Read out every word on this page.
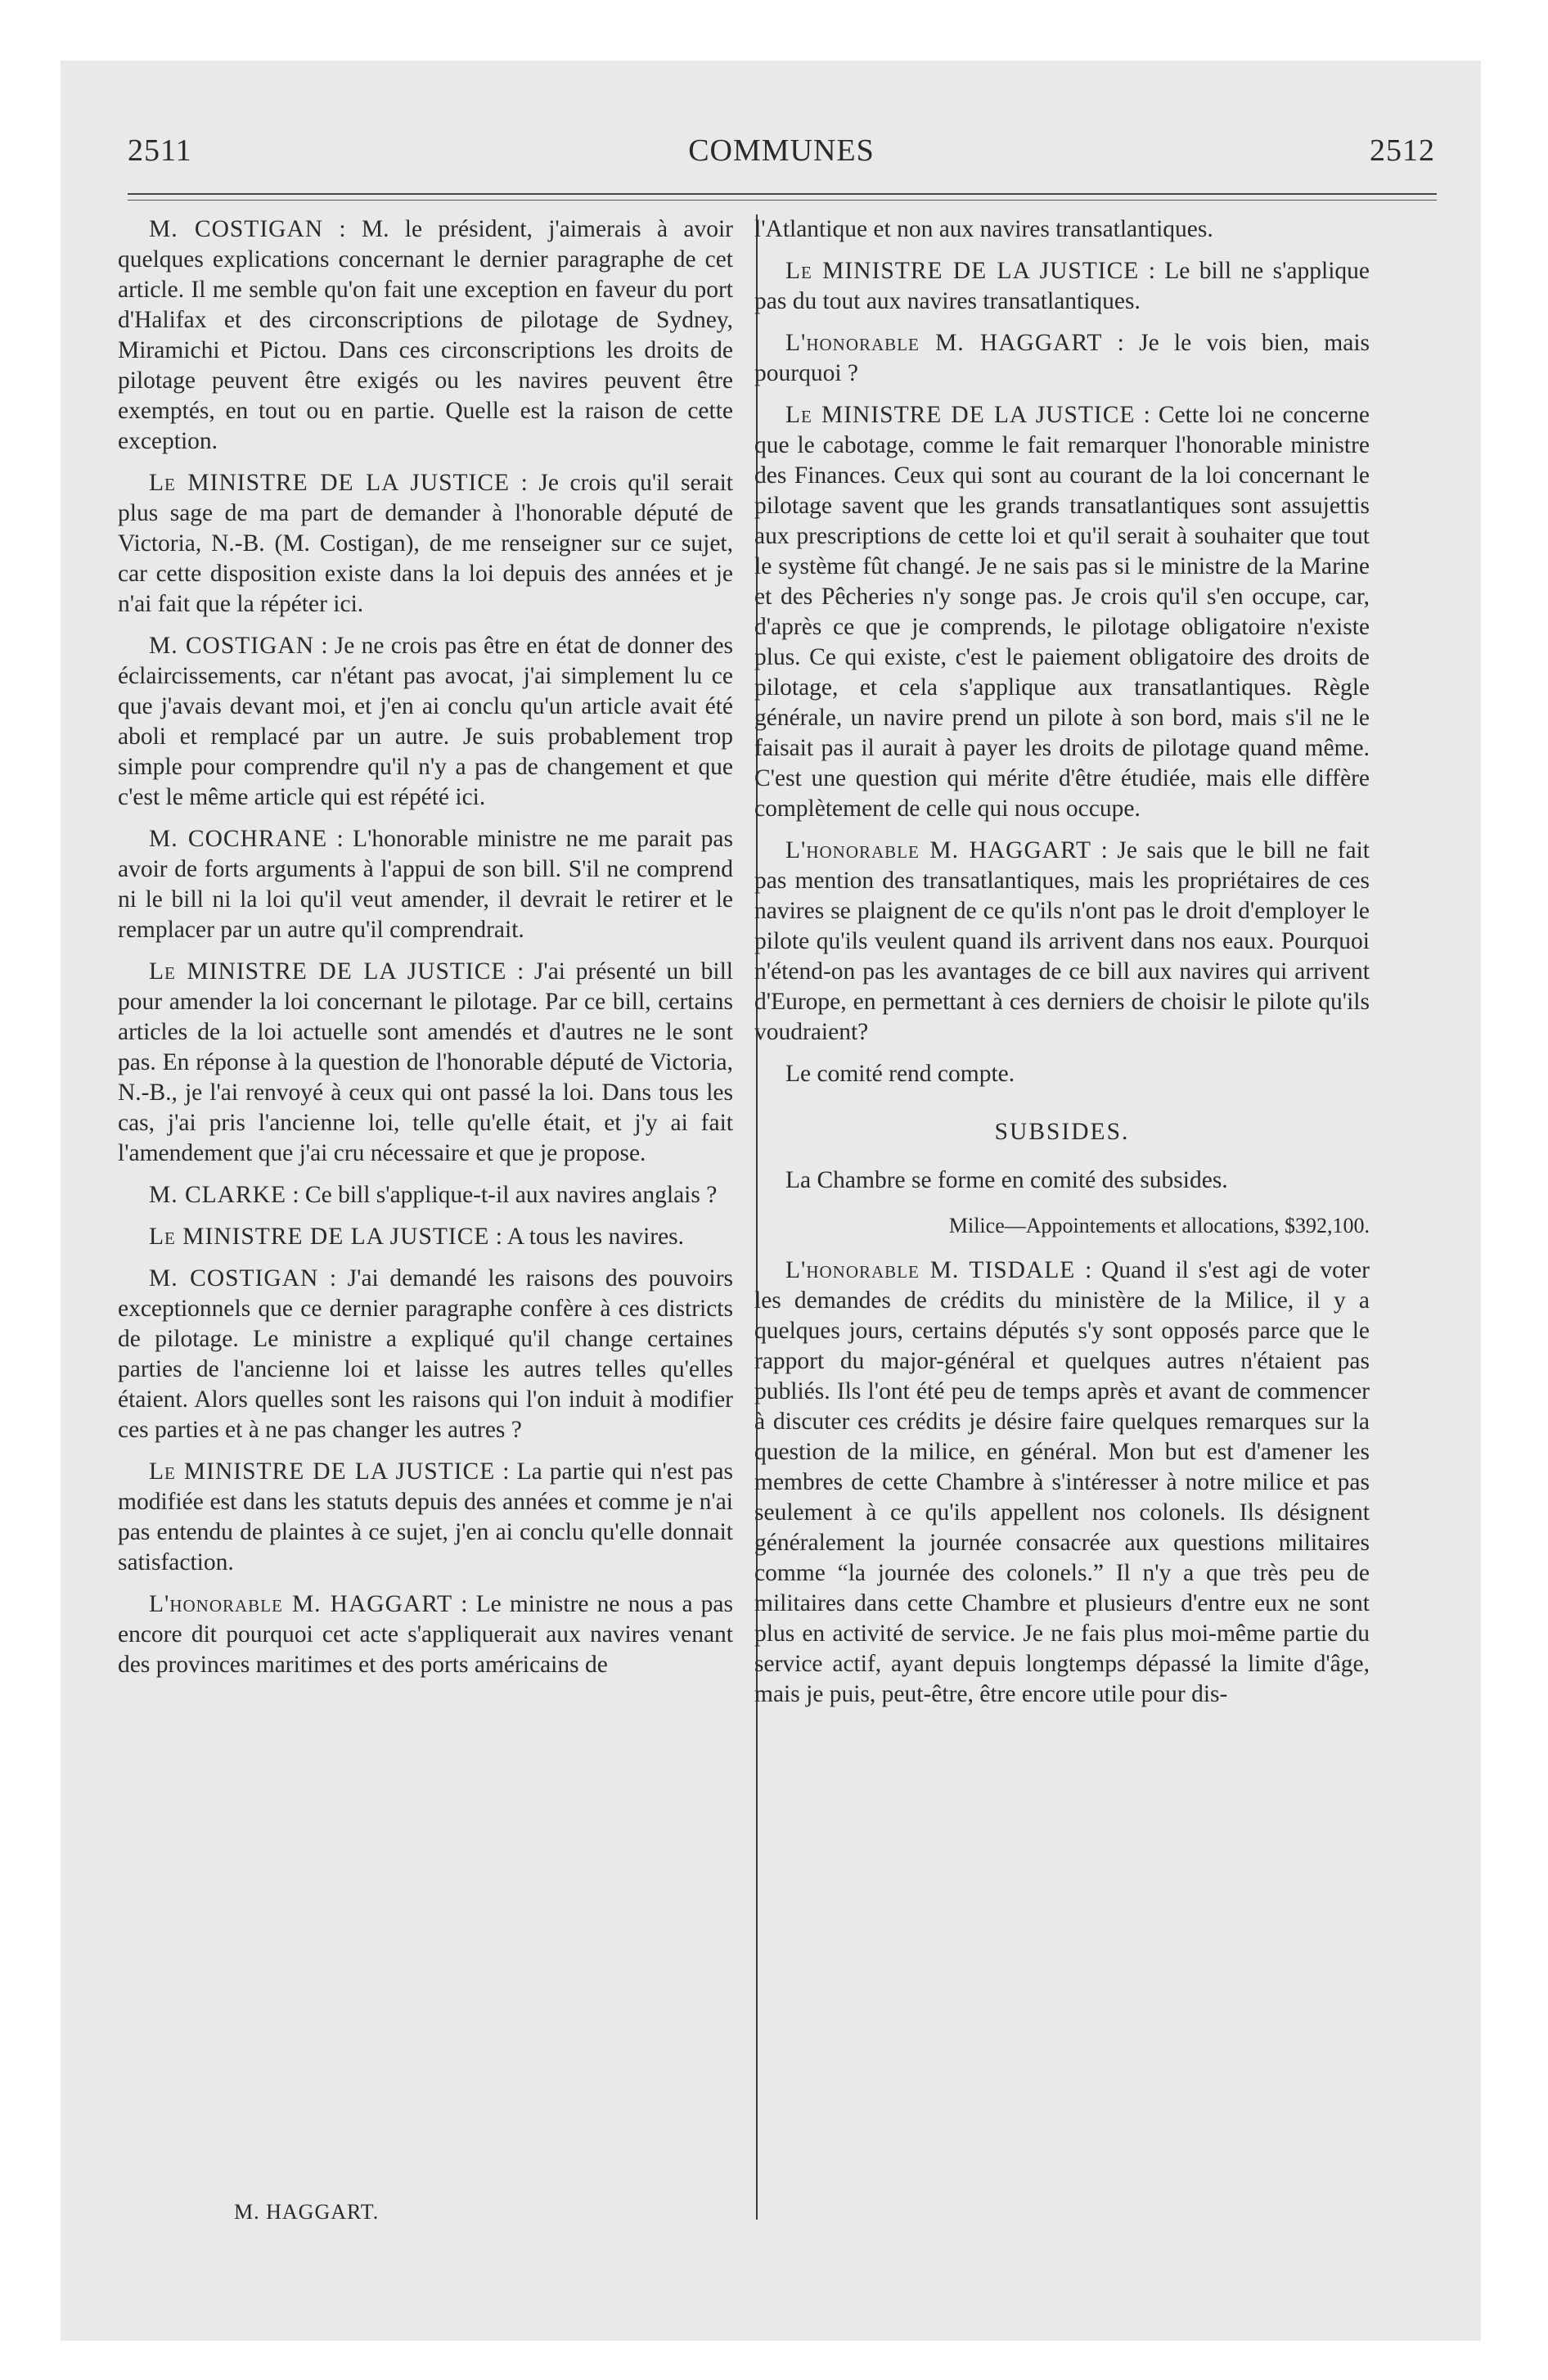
2511	COMMUNES	2512

M. COSTIGAN : M. le président, j'aimerais à avoir quelques explications concernant le dernier paragraphe de cet article. Il me semble qu'on fait une exception en faveur du port d'Halifax et des circonscriptions de pilotage de Sydney, Miramichi et Pictou. Dans ces circonscriptions les droits de pilotage peuvent être exigés ou les navires peuvent être exemptés, en tout ou en partie. Quelle est la raison de cette exception.

Le MINISTRE DE LA JUSTICE : Je crois qu'il serait plus sage de ma part de demander à l'honorable député de Victoria, N.-B. (M. Costigan), de me renseigner sur ce sujet, car cette disposition existe dans la loi depuis des années et je n'ai fait que la répéter ici.

M. COSTIGAN : Je ne crois pas être en état de donner des éclaircissements, car n'étant pas avocat, j'ai simplement lu ce que j'avais devant moi, et j'en ai conclu qu'un article avait été aboli et remplacé par un autre. Je suis probablement trop simple pour comprendre qu'il n'y a pas de changement et que c'est le même article qui est répété ici.

M. COCHRANE : L'honorable ministre ne me parait pas avoir de forts arguments à l'appui de son bill. S'il ne comprend ni le bill ni la loi qu'il veut amender, il devrait le retirer et le remplacer par un autre qu'il comprendrait.

Le MINISTRE DE LA JUSTICE : J'ai présenté un bill pour amender la loi concernant le pilotage. Par ce bill, certains articles de la loi actuelle sont amendés et d'autres ne le sont pas. En réponse à la question de l'honorable député de Victoria, N.-B., je l'ai renvoyé à ceux qui ont passé la loi. Dans tous les cas, j'ai pris l'ancienne loi, telle qu'elle était, et j'y ai fait l'amendement que j'ai cru nécessaire et que je propose.

M. CLARKE : Ce bill s'applique-t-il aux navires anglais ?

Le MINISTRE DE LA JUSTICE : A tous les navires.

M. COSTIGAN : J'ai demandé les raisons des pouvoirs exceptionnels que ce dernier paragraphe confère à ces districts de pilotage. Le ministre a expliqué qu'il change certaines parties de l'ancienne loi et laisse les autres telles qu'elles étaient. Alors quelles sont les raisons qui l'on induit à modifier ces parties et à ne pas changer les autres ?

Le MINISTRE DE LA JUSTICE : La partie qui n'est pas modifiée est dans les statuts depuis des années et comme je n'ai pas entendu de plaintes à ce sujet, j'en ai conclu qu'elle donnait satisfaction.

L'honorable M. HAGGART : Le ministre ne nous a pas encore dit pourquoi cet acte s'appliquerait aux navires venant des provinces maritimes et des ports américains de

l'Atlantique et non aux navires transatlantiques.

Le MINISTRE DE LA JUSTICE : Le bill ne s'applique pas du tout aux navires transatlantiques.

L'honorable M. HAGGART : Je le vois bien, mais pourquoi ?

Le MINISTRE DE LA JUSTICE : Cette loi ne concerne que le cabotage, comme le fait remarquer l'honorable ministre des Finances. Ceux qui sont au courant de la loi concernant le pilotage savent que les grands transatlantiques sont assujettis aux prescriptions de cette loi et qu'il serait à souhaiter que tout le système fût changé. Je ne sais pas si le ministre de la Marine et des Pêcheries n'y songe pas. Je crois qu'il s'en occupe, car, d'après ce que je comprends, le pilotage obligatoire n'existe plus. Ce qui existe, c'est le paiement obligatoire des droits de pilotage, et cela s'applique aux transatlantiques. Règle générale, un navire prend un pilote à son bord, mais s'il ne le faisait pas il aurait à payer les droits de pilotage quand même. C'est une question qui mérite d'être étudiée, mais elle diffère complètement de celle qui nous occupe.

L'honorable M. HAGGART : Je sais que le bill ne fait pas mention des transatlantiques, mais les propriétaires de ces navires se plaignent de ce qu'ils n'ont pas le droit d'employer le pilote qu'ils veulent quand ils arrivent dans nos eaux. Pourquoi n'étend-on pas les avantages de ce bill aux navires qui arrivent d'Europe, en permettant à ces derniers de choisir le pilote qu'ils voudraient?

Le comité rend compte.

SUBSIDES.

La Chambre se forme en comité des subsides.

Milice—Appointements et allocations, $392,100.

L'honorable M. TISDALE : Quand il s'est agi de voter les demandes de crédits du ministère de la Milice, il y a quelques jours, certains députés s'y sont opposés parce que le rapport du major-général et quelques autres n'étaient pas publiés. Ils l'ont été peu de temps après et avant de commencer à discuter ces crédits je désire faire quelques remarques sur la question de la milice, en général. Mon but est d'amener les membres de cette Chambre à s'intéresser à notre milice et pas seulement à ce qu'ils appellent nos colonels. Ils désignent généralement la journée consacrée aux questions militaires comme “la journée des colonels.” Il n'y a que très peu de militaires dans cette Chambre et plusieurs d'entre eux ne sont plus en activité de service. Je ne fais plus moi-même partie du service actif, ayant depuis longtemps dépassé la limite d'âge, mais je puis, peut-être, être encore utile pour dis-

M. HAGGART.
